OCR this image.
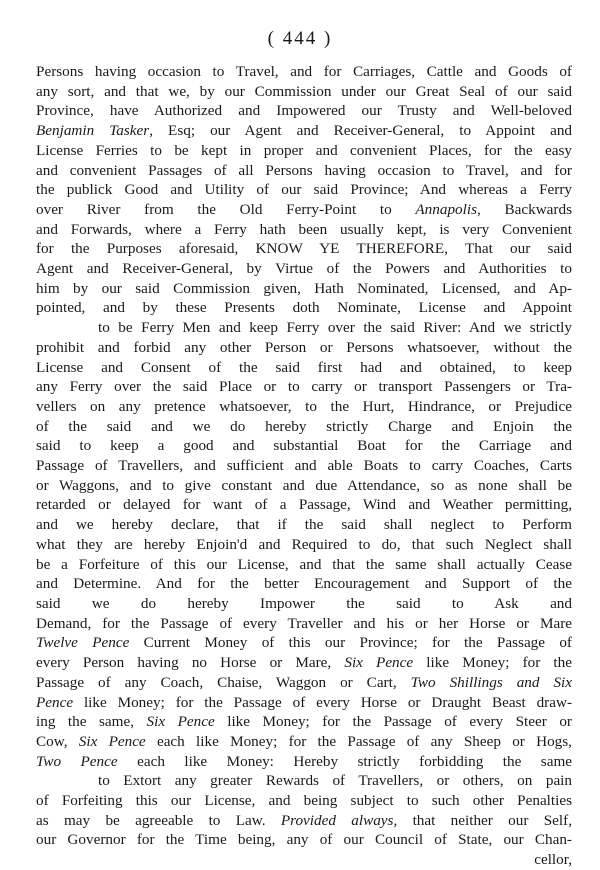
( 444 )
Persons having occasion to Travel, and for Carriages, Cattle and Goods of
any sort, and that we, by our Commission under our Great Seal of our said
Province, have Authorized and Impowered our Trusty and Well-beloved
Benjamin Tasker, Esq; our Agent and Receiver-General, to Appoint and
License Ferries to be kept in proper and convenient Places, for the easy
and convenient Passages of all Persons having occasion to Travel, and for
the publick Good and Utility of our said Province; And whereas a Ferry
over River from the Old Ferry-Point to Annapolis, Backwards
and Forwards, where a Ferry hath been usually kept, is very Convenient
for the Purposes aforesaid, KNOW YE THEREFORE, That our said
Agent and Receiver-General, by Virtue of the Powers and Authorities to
him by our said Commission given, Hath Nominated, Licensed, and Ap-
pointed, and by these Presents doth Nominate, License and Appoint
to be Ferry Men and keep Ferry over the said River: And we strictly
prohibit and forbid any other Person or Persons whatsoever, without the
License and Consent of the said first had and obtained, to keep
any Ferry over the said Place or to carry or transport Passengers or Tra-
vellers on any pretence whatsoever, to the Hurt, Hindrance, or Prejudice
of the said and we do hereby strictly Charge and Enjoin the
said to keep a good and substantial Boat for the Carriage and
Passage of Travellers, and sufficient and able Boats to carry Coaches, Carts
or Waggons, and to give constant and due Attendance, so as none shall be
retarded or delayed for want of a Passage, Wind and Weather permitting,
and we hereby declare, that if the said shall neglect to Perform
what they are hereby Enjoin'd and Required to do, that such Neglect shall
be a Forfeiture of this our License, and that the same shall actually Cease
and Determine. And for the better Encouragement and Support of the
said we do hereby Impower the said to Ask and
Demand, for the Passage of every Traveller and his or her Horse or Mare
Twelve Pence Current Money of this our Province; for the Passage of
every Person having no Horse or Mare, Six Pence like Money; for the
Passage of any Coach, Chaise, Waggon or Cart, Two Shillings and Six
Pence like Money; for the Passage of every Horse or Draught Beast draw-
ing the same, Six Pence like Money; for the Passage of every Steer or
Cow, Six Pence each like Money; for the Passage of any Sheep or Hogs,
Two Pence each like Money: Hereby strictly forbidding the same
to Extort any greater Rewards of Travellers, or others, on pain
of Forfeiting this our License, and being subject to such other Penalties
as may be agreeable to Law. Provided always, that neither our Self,
our Governor for the Time being, any of our Council of State, our Chan-
cellor,
